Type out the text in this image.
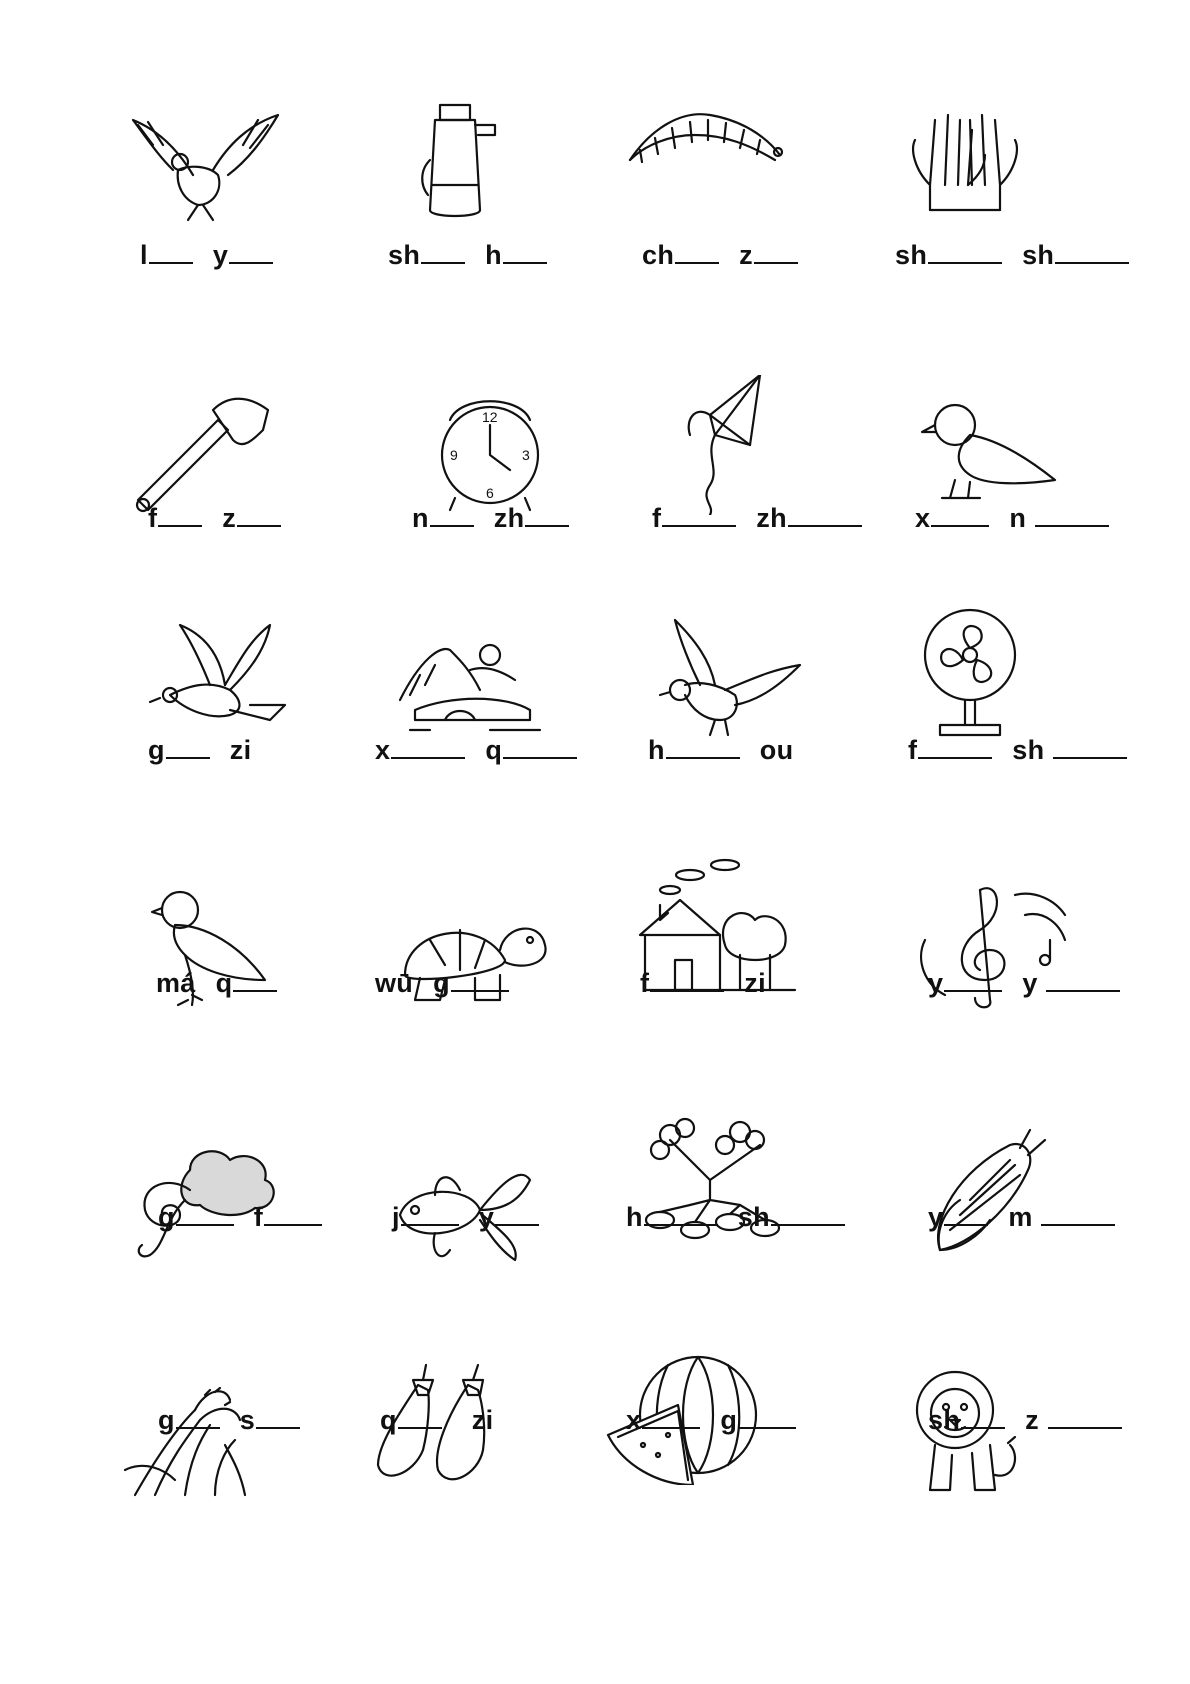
l y	sh h	ch z	sh	sh
12
3
6
9
f z	n zh	f	zh	x	n
g zi	x	q	h	ou	f	sh
má q	wū g	f	zi	y	y
g	f	j	y	h	sh	y m
g s	q	zi	x	g	sh z
